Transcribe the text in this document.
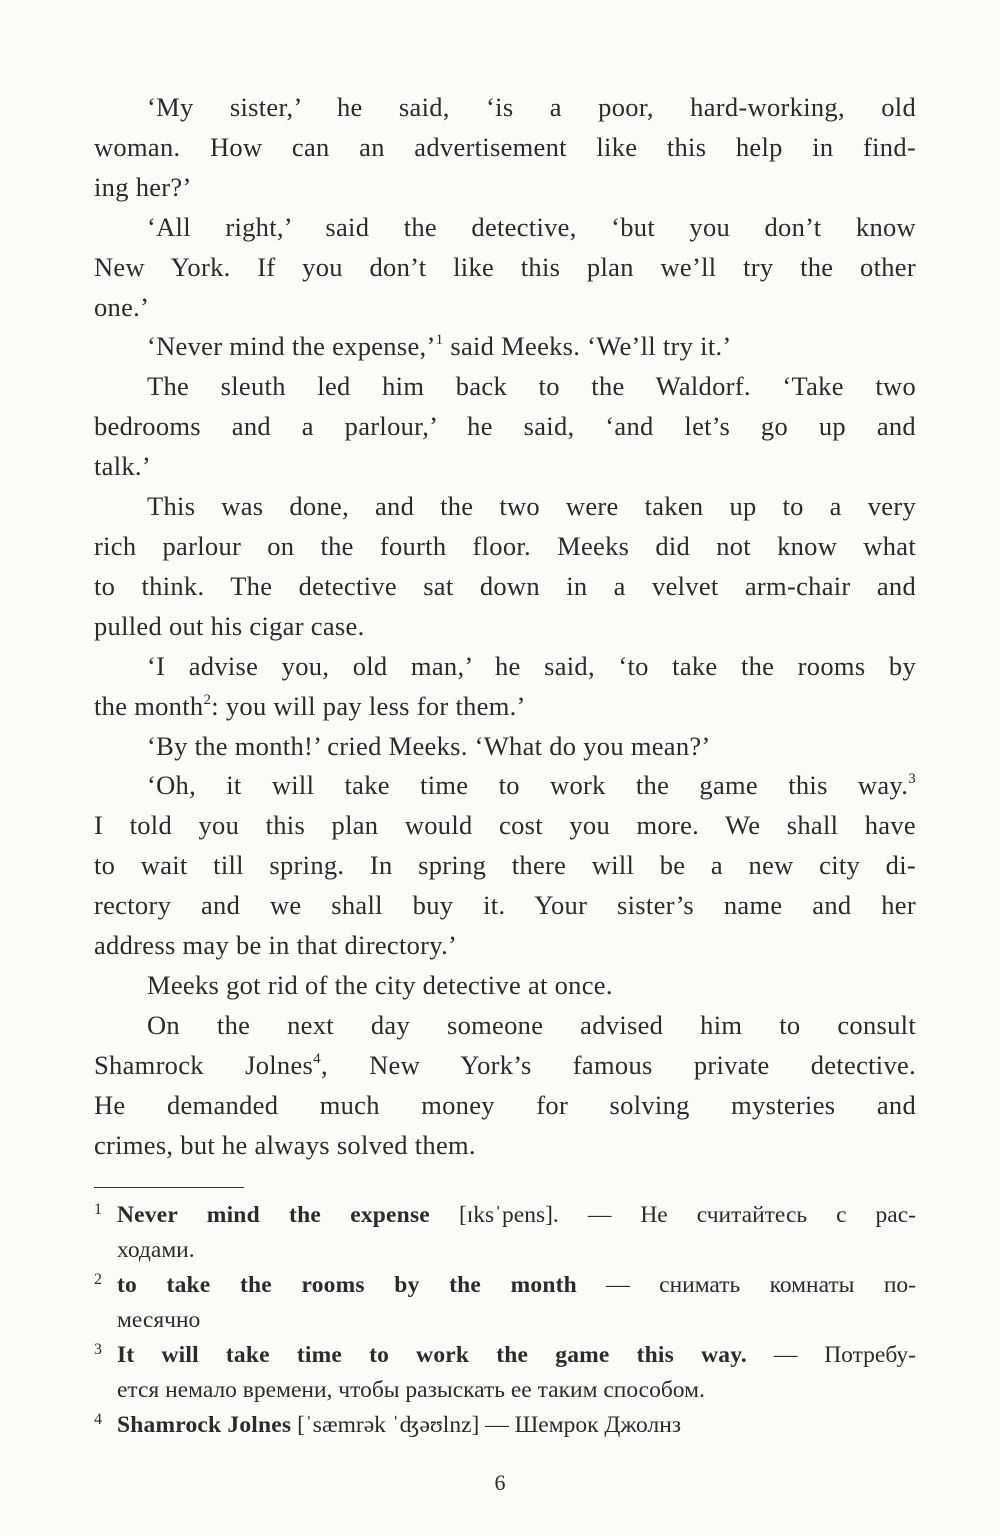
‘My sister,’ he said, ‘is a poor, hard-working, old
woman. How can an advertisement like this help in find-
ing her?’

‘All right,’ said the detective, ‘but you don’t know
New York. If you don’t like this plan we’ll try the other
one.’

‘Never mind the expense,’$^1$ said Meeks. ‘We’ll try it.’

The sleuth led him back to the Waldorf. ‘Take two
bedrooms and a parlour,’ he said, ‘and let’s go up and
talk.’

This was done, and the two were taken up to a very
rich parlour on the fourth floor. Meeks did not know what
to think. The detective sat down in a velvet arm-chair and
pulled out his cigar case.

‘I advise you, old man,’ he said, ‘to take the rooms by
the month$^2$: you will pay less for them.’

‘By the month!’ cried Meeks. ‘What do you mean?’

‘Oh, it will take time to work the game this way.$^3$
I told you this plan would cost you more. We shall have
to wait till spring. In spring there will be a new city di-
rectory and we shall buy it. Your sister’s name and her
address may be in that directory.’

Meeks got rid of the city detective at once.

On the next day someone advised him to consult
Shamrock Jolnes$^4$, New York’s famous private detective.
He demanded much money for solving mysteries and
crimes, but he always solved them.

1 Never mind the expense [ɪksˈpens]. — Не считайтесь с рас-
ходами.
2 to take the rooms by the month — снимать комнаты по-
месячно
3 It will take time to work the game this way. — Потребу-
ется немало времени, чтобы разыскать ее таким способом.
4 Shamrock Jolnes [ˈsæmrək ˈʤəʊlnz] — Шемрок Джолнз
6
